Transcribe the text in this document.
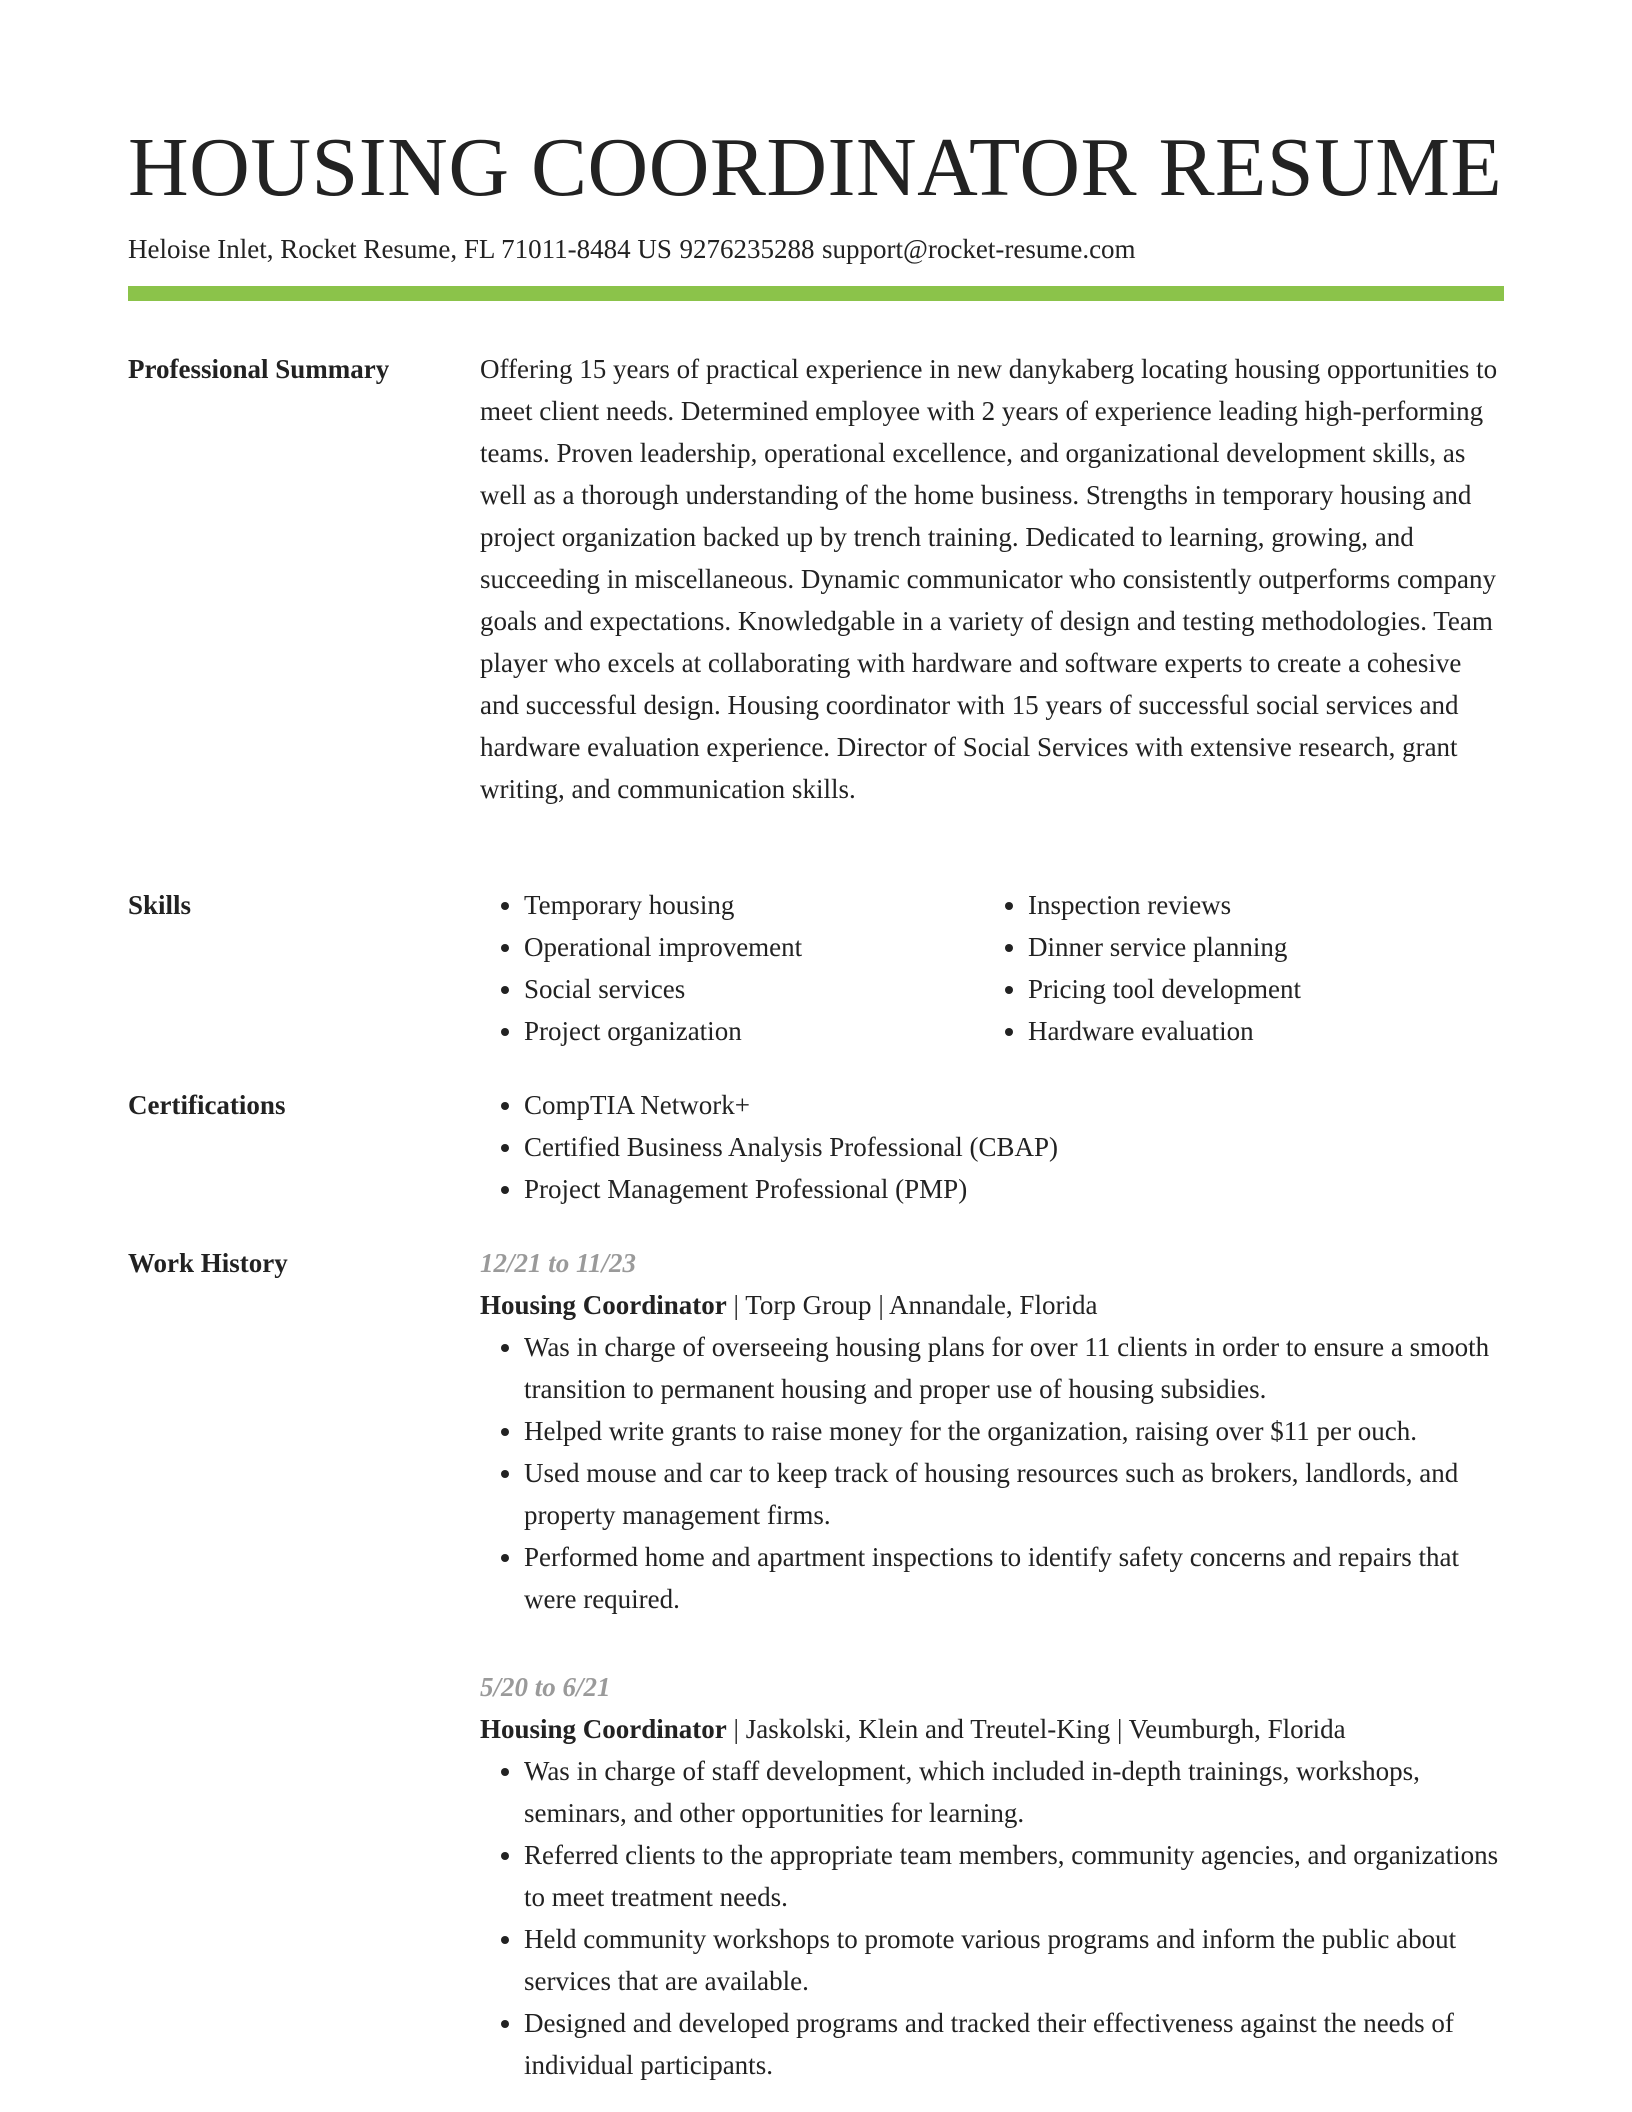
HOUSING COORDINATOR RESUME
Heloise Inlet, Rocket Resume, FL 71011-8484 US 9276235288 support@rocket-resume.com
Professional Summary	Offering 15 years of practical experience in new danykaberg locating housing opportunities to meet client needs. Determined employee with 2 years of experience leading high-performing teams. Proven leadership, operational excellence, and organizational development skills, as well as a thorough understanding of the home business. Strengths in temporary housing and project organization backed up by trench training. Dedicated to learning, growing, and succeeding in miscellaneous. Dynamic communicator who consistently outperforms company goals and expectations. Knowledgable in a variety of design and testing methodologies. Team player who excels at collaborating with hardware and software experts to create a cohesive and successful design. Housing coordinator with 15 years of successful social services and hardware evaluation experience. Director of Social Services with extensive research, grant writing, and communication skills.

Skills	• Temporary housing
• Operational improvement
• Social services
• Project organization
• Inspection reviews
• Dinner service planning
• Pricing tool development
• Hardware evaluation
Certifications	• CompTIA Network+
• Certified Business Analysis Professional (CBAP)
• Project Management Professional (PMP)
Work History	12/21 to 11/23
Housing Coordinator | Torp Group | Annandale, Florida
• Was in charge of overseeing housing plans for over 11 clients in order to ensure a smooth transition to permanent housing and proper use of housing subsidies.
• Helped write grants to raise money for the organization, raising over $11 per ouch.
• Used mouse and car to keep track of housing resources such as brokers, landlords, and property management firms.
• Performed home and apartment inspections to identify safety concerns and repairs that were required.
5/20 to 6/21
Housing Coordinator | Jaskolski, Klein and Treutel-King | Veumburgh, Florida
• Was in charge of staff development, which included in-depth trainings, workshops, seminars, and other opportunities for learning.
• Referred clients to the appropriate team members, community agencies, and organizations to meet treatment needs.
• Held community workshops to promote various programs and inform the public about services that are available.
• Designed and developed programs and tracked their effectiveness against the needs of individual participants.
